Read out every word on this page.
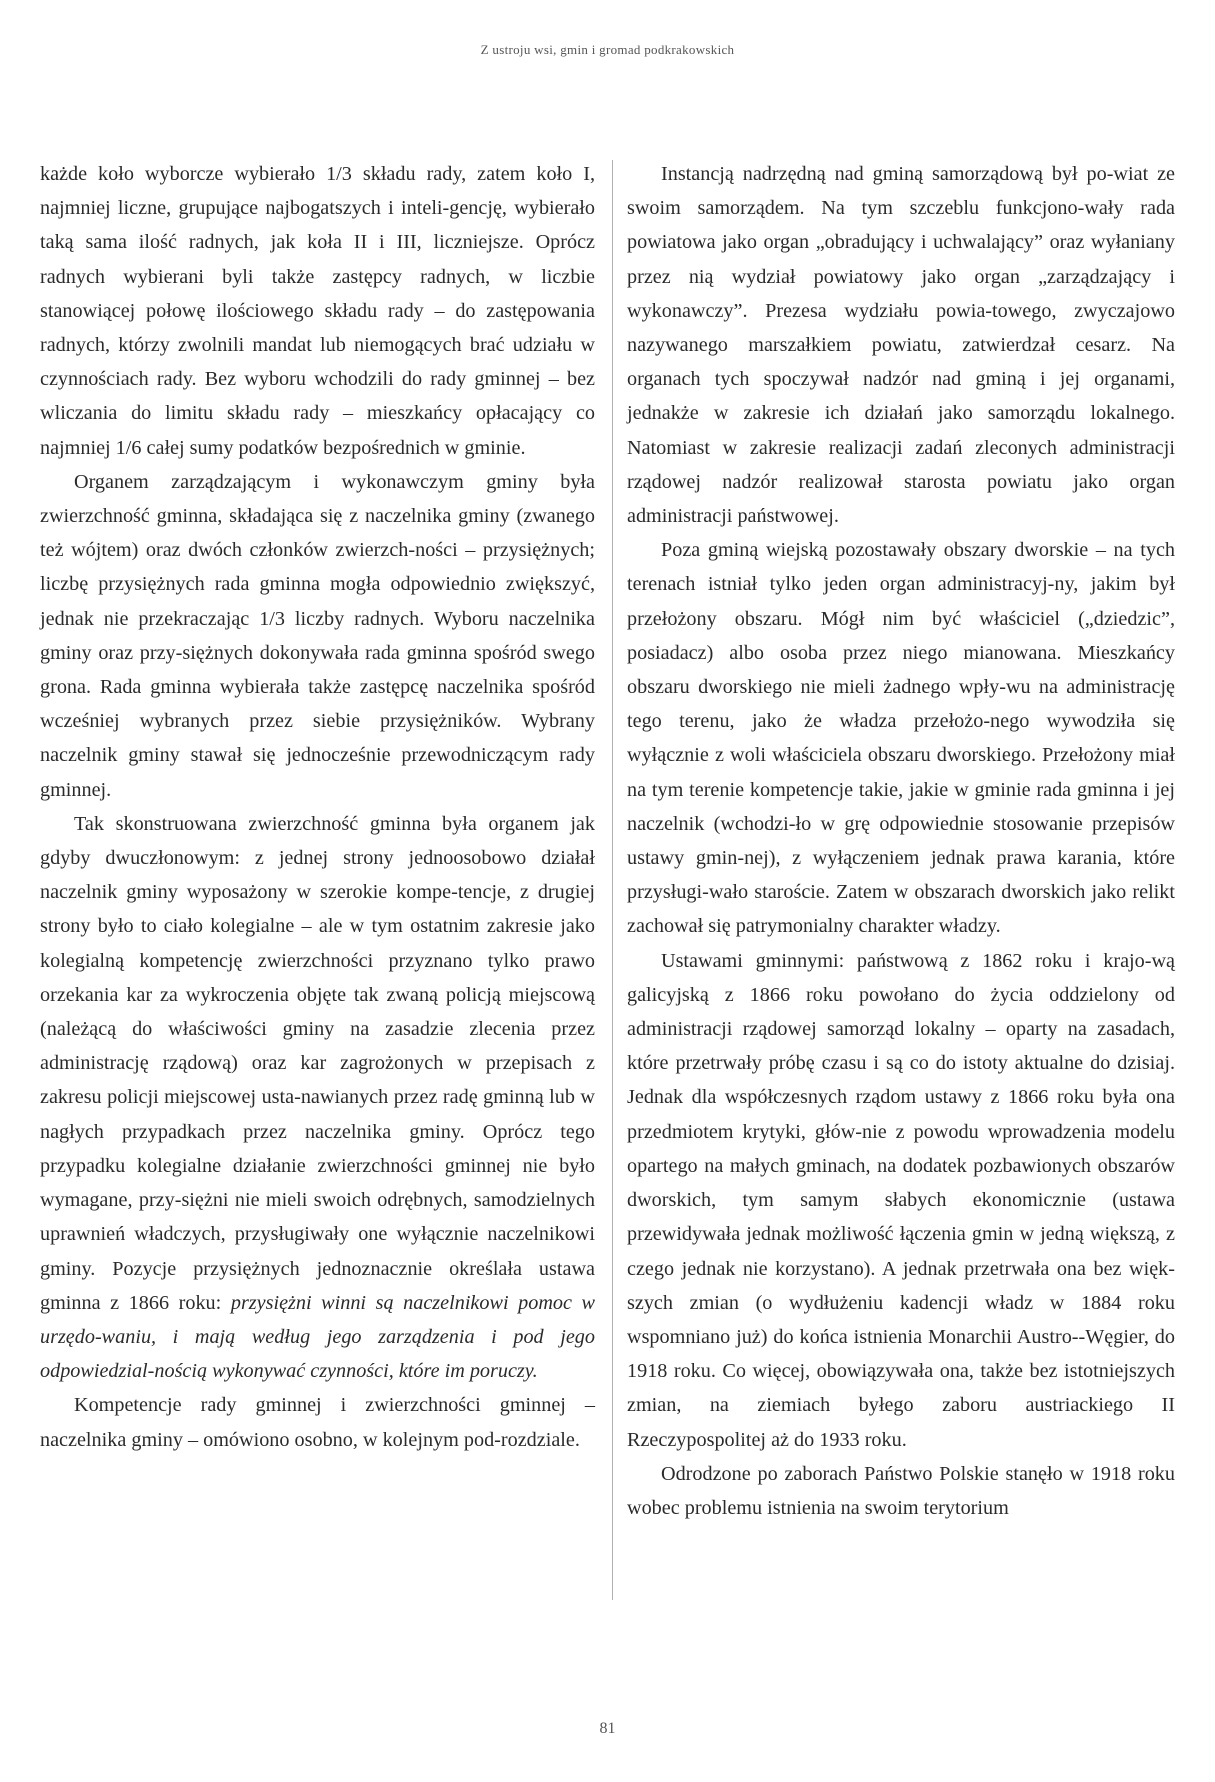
Z ustroju wsi, gmin i gromad podkrakowskich

każde koło wyborcze wybierało 1/3 składu rady, zatem koło I, najmniej liczne, grupujące najbogatszych i inteli-gencję, wybierało taką sama ilość radnych, jak koła II i III, liczniejsze. Oprócz radnych wybierani byli także zastępcy radnych, w liczbie stanowiącej połowę ilościowego składu rady – do zastępowania radnych, którzy zwolnili mandat lub niemogących brać udziału w czynnościach rady. Bez wyboru wchodzili do rady gminnej – bez wliczania do limitu składu rady – mieszkańcy opłacający co najmniej 1/6 całej sumy podatków bezpośrednich w gminie.

Organem zarządzającym i wykonawczym gminy była zwierzchność gminna, składająca się z naczelnika gminy (zwanego też wójtem) oraz dwóch członków zwierzch-ności – przysiężnych; liczbę przysiężnych rada gminna mogła odpowiednio zwiększyć, jednak nie przekraczając 1/3 liczby radnych. Wyboru naczelnika gminy oraz przy-siężnych dokonywała rada gminna spośród swego grona. Rada gminna wybierała także zastępcę naczelnika spośród wcześniej wybranych przez siebie przysiężników. Wybrany naczelnik gminy stawał się jednocześnie przewodniczącym rady gminnej.

Tak skonstruowana zwierzchność gminna była organem jak gdyby dwuczłonowym: z jednej strony jednoosobowo działał naczelnik gminy wyposażony w szerokie kompe-tencje, z drugiej strony było to ciało kolegialne – ale w tym ostatnim zakresie jako kolegialną kompetencję zwierzchności przyznano tylko prawo orzekania kar za wykroczenia objęte tak zwaną policją miejscową (należącą do właściwości gminy na zasadzie zlecenia przez administrację rządową) oraz kar zagrożonych w przepisach z zakresu policji miejscowej usta-nawianych przez radę gminną lub w nagłych przypadkach przez naczelnika gminy. Oprócz tego przypadku kolegialne działanie zwierzchności gminnej nie było wymagane, przy-siężni nie mieli swoich odrębnych, samodzielnych uprawnień władczych, przysługiwały one wyłącznie naczelnikowi gminy. Pozycje przysiężnych jednoznacznie określała ustawa gminna z 1866 roku: przysiężni winni są naczelnikowi pomoc w urzędo-waniu, i mają według jego zarządzenia i pod jego odpowiedzial-nością wykonywać czynności, które im poruczy.

Kompetencje rady gminnej i zwierzchności gminnej – naczelnika gminy – omówiono osobno, w kolejnym pod-rozdziale.

Instancją nadrzędną nad gminą samorządową był po-wiat ze swoim samorządem. Na tym szczeblu funkcjono-wały rada powiatowa jako organ „obradujący i uchwalający” oraz wyłaniany przez nią wydział powiatowy jako organ „zarządzający i wykonawczy”. Prezesa wydziału powia-towego, zwyczajowo nazywanego marszałkiem powiatu, zatwierdzał cesarz. Na organach tych spoczywał nadzór nad gminą i jej organami, jednakże w zakresie ich działań jako samorządu lokalnego. Natomiast w zakresie realizacji zadań zleconych administracji rządowej nadzór realizował starosta powiatu jako organ administracji państwowej.

Poza gminą wiejską pozostawały obszary dworskie – na tych terenach istniał tylko jeden organ administracyj-ny, jakim był przełożony obszaru. Mógł nim być właściciel („dziedzic”, posiadacz) albo osoba przez niego mianowana. Mieszkańcy obszaru dworskiego nie mieli żadnego wpły-wu na administrację tego terenu, jako że władza przełożo-nego wywodziła się wyłącznie z woli właściciela obszaru dworskiego. Przełożony miał na tym terenie kompetencje takie, jakie w gminie rada gminna i jej naczelnik (wchodzi-ło w grę odpowiednie stosowanie przepisów ustawy gmin-nej), z wyłączeniem jednak prawa karania, które przysługi-wało staroście. Zatem w obszarach dworskich jako relikt zachował się patrymonialny charakter władzy.

Ustawami gminnymi: państwową z 1862 roku i krajo-wą galicyjską z 1866 roku powołano do życia oddzielony od administracji rządowej samorząd lokalny – oparty na zasadach, które przetrwały próbę czasu i są co do istoty aktualne do dzisiaj. Jednak dla współczesnych rządom ustawy z 1866 roku była ona przedmiotem krytyki, głów-nie z powodu wprowadzenia modelu opartego na małych gminach, na dodatek pozbawionych obszarów dworskich, tym samym słabych ekonomicznie (ustawa przewidywała jednak możliwość łączenia gmin w jedną większą, z czego jednak nie korzystano). A jednak przetrwała ona bez więk-szych zmian (o wydłużeniu kadencji władz w 1884 roku wspomniano już) do końca istnienia Monarchii Austro--Węgier, do 1918 roku. Co więcej, obowiązywała ona, także bez istotniejszych zmian, na ziemiach byłego zaboru austriackiego II Rzeczypospolitej aż do 1933 roku.

Odrodzone po zaborach Państwo Polskie stanęło w 1918 roku wobec problemu istnienia na swoim terytorium

81
